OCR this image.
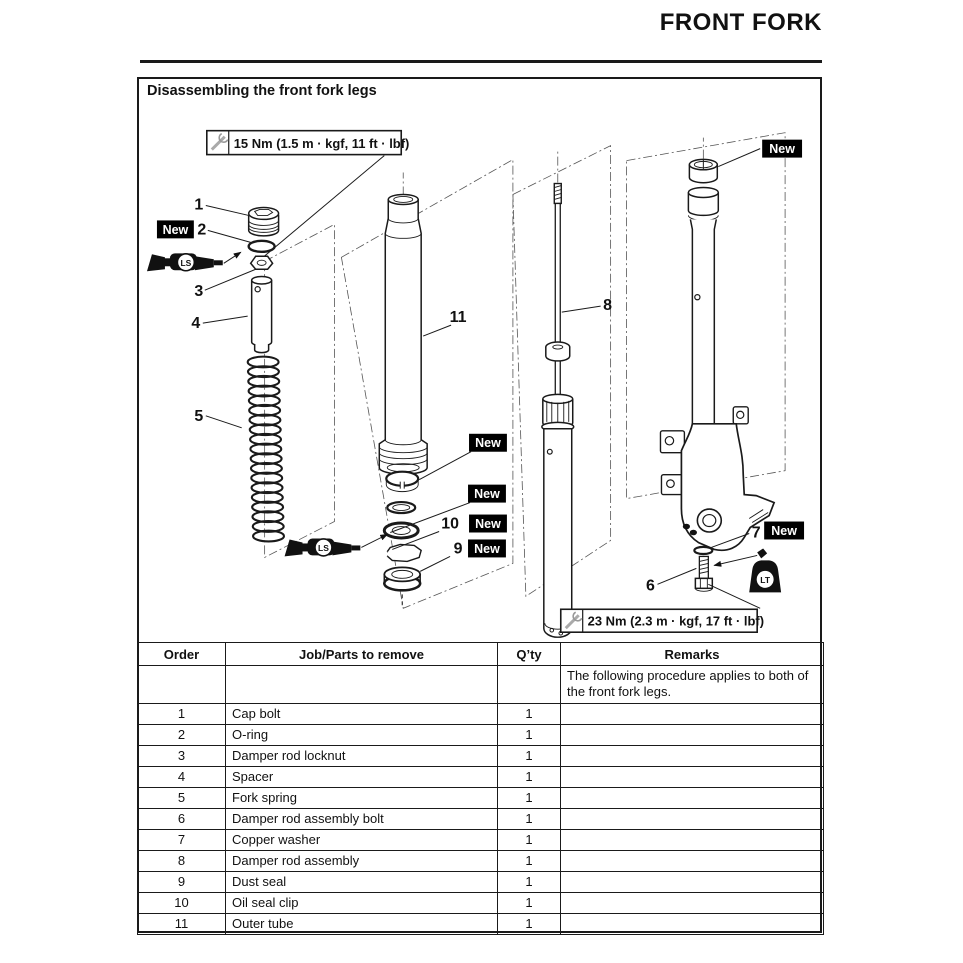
FRONT FORK
Disassembling the front fork legs
15 Nm (1.5 m · kgf, 11 ft · lbf)
1
New 2
LS
3
4
5
11
New
New
10 New
9 New
LS
8
New
7 New
6	LT
23 Nm (2.3 m · kgf, 17 ft · lbf)
Order	Job/Parts to remove	Q’ty	Remarks
			The following procedure applies to both of the front fork legs.
1	Cap bolt	1	
2	O-ring	1	
3	Damper rod locknut	1	
4	Spacer	1	
5	Fork spring	1	
6	Damper rod assembly bolt	1	
7	Copper washer	1	
8	Damper rod assembly	1	
9	Dust seal	1	
10	Oil seal clip	1	
11	Outer tube	1	
